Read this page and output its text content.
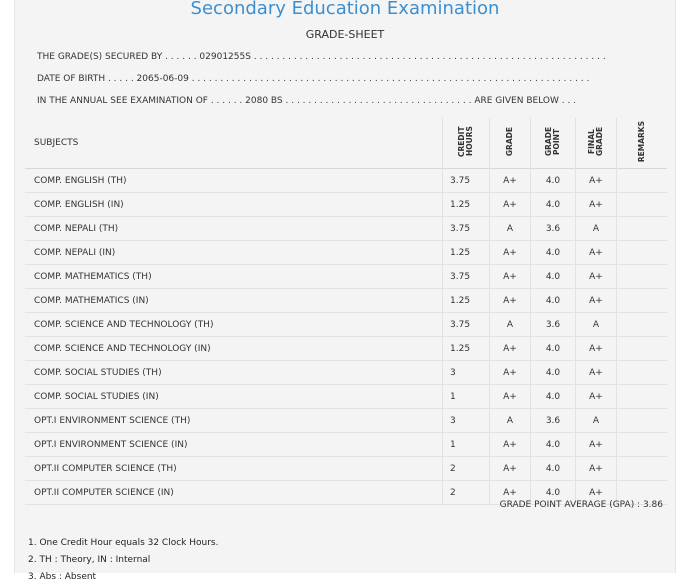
Secondary Education Examination
GRADE-SHEET
THE GRADE(S) SECURED BY . . . . . . 02901255S . . . . . . . . . . . . . . . . . . . . . . . . . . . . . . . . . . . . . . . . . . . . . . . . . . . . . . . . . . . . . .
DATE OF BIRTH . . . . . 2065-06-09 . . . . . . . . . . . . . . . . . . . . . . . . . . . . . . . . . . . . . . . . . . . . . . . . . . . . . . . . . . . . . . . . . . . . . .
IN THE ANNUAL SEE EXAMINATION OF . . . . . . 2080 BS . . . . . . . . . . . . . . . . . . . . . . . . . . . . . . . . . ARE GIVEN BELOW . . .
SUBJECTS	CREDIT HOURS	GRADE	GRADE POINT	FINAL GRADE	REMARKS
COMP. ENGLISH (TH)	3.75	A+	4.0	A+	
COMP. ENGLISH (IN)	1.25	A+	4.0	A+	
COMP. NEPALI (TH)	3.75	A	3.6	A	
COMP. NEPALI (IN)	1.25	A+	4.0	A+	
COMP. MATHEMATICS (TH)	3.75	A+	4.0	A+	
COMP. MATHEMATICS (IN)	1.25	A+	4.0	A+	
COMP. SCIENCE AND TECHNOLOGY (TH)	3.75	A	3.6	A	
COMP. SCIENCE AND TECHNOLOGY (IN)	1.25	A+	4.0	A+	
COMP. SOCIAL STUDIES (TH)	3	A+	4.0	A+	
COMP. SOCIAL STUDIES (IN)	1	A+	4.0	A+	
OPT.I ENVIRONMENT SCIENCE (TH)	3	A	3.6	A	
OPT.I ENVIRONMENT SCIENCE (IN)	1	A+	4.0	A+	
OPT.II COMPUTER SCIENCE (TH)	2	A+	4.0	A+	
OPT.II COMPUTER SCIENCE (IN)	2	A+	4.0	A+	
GRADE POINT AVERAGE (GPA) : 3.86
1. One Credit Hour equals 32 Clock Hours.
2. TH : Theory, IN : Internal
3. Abs : Absent
